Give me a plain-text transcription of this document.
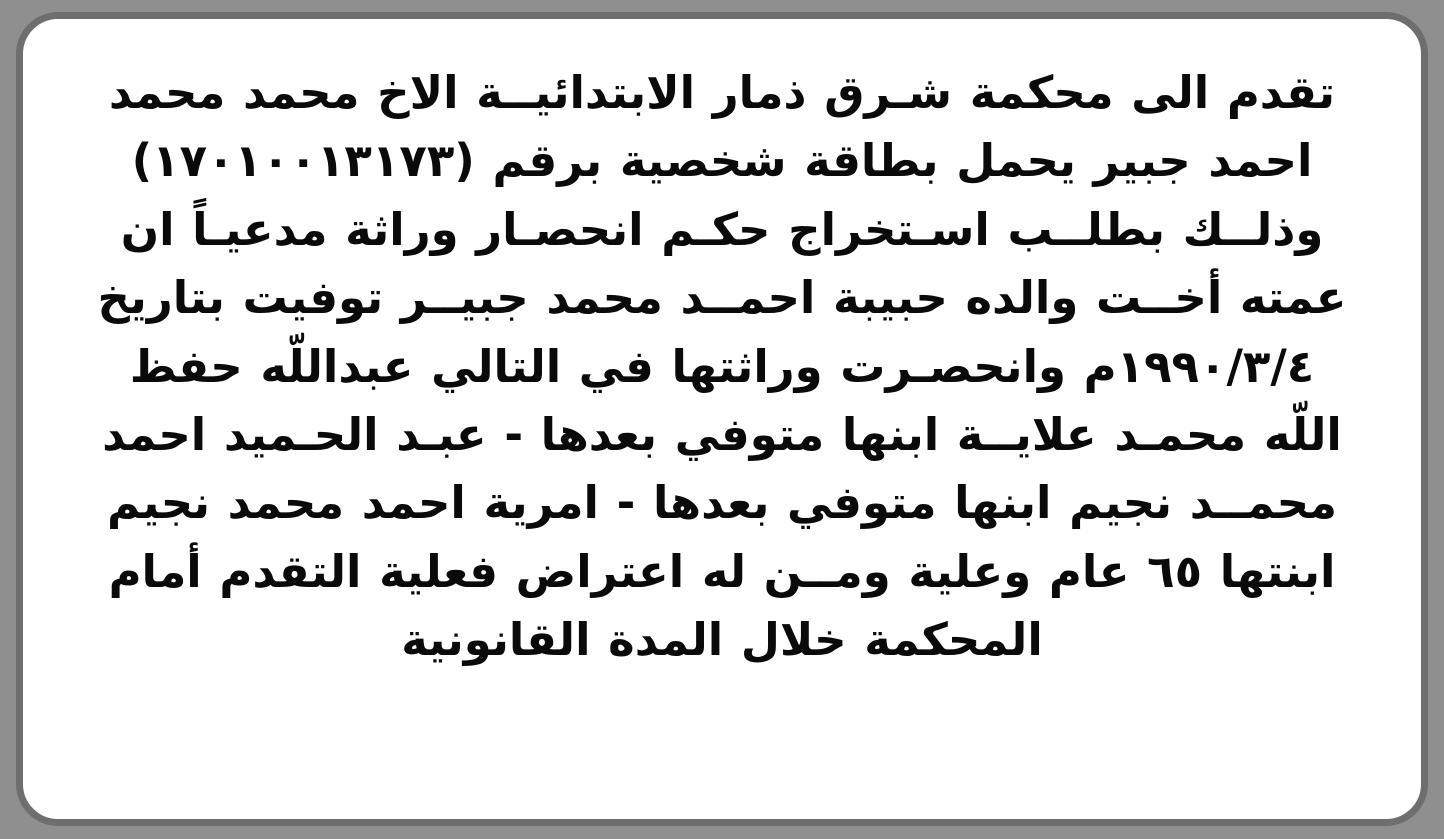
تقدم الى محكمة شـرق ذمار الابتدائيــة الاخ محمد محمد

احمد جبير يحمل بطاقة شخصية برقم (١٧٠١٠٠١٣١٧٣)

وذلــك بطلــب اسـتخراج حكـم انحصـار وراثة مدعيـاً ان

عمته أخــت والده حبيبة احمــد محمد جبيــر توفيت بتاريخ

١٩٩٠/٣/٤م وانحصـرت وراثتها في التالي عبداللّه حفظ

اللّه محمـد علايــة ابنها متوفي بعدها - عبـد الحـميد احمد

محمــد نجيم ابنها متوفي بعدها - امرية احمد محمد نجيم

ابنتها ٦٥ عام وعلية ومــن له اعتراض فعلية التقدم أمام

المحكمة خلال المدة القانونية
